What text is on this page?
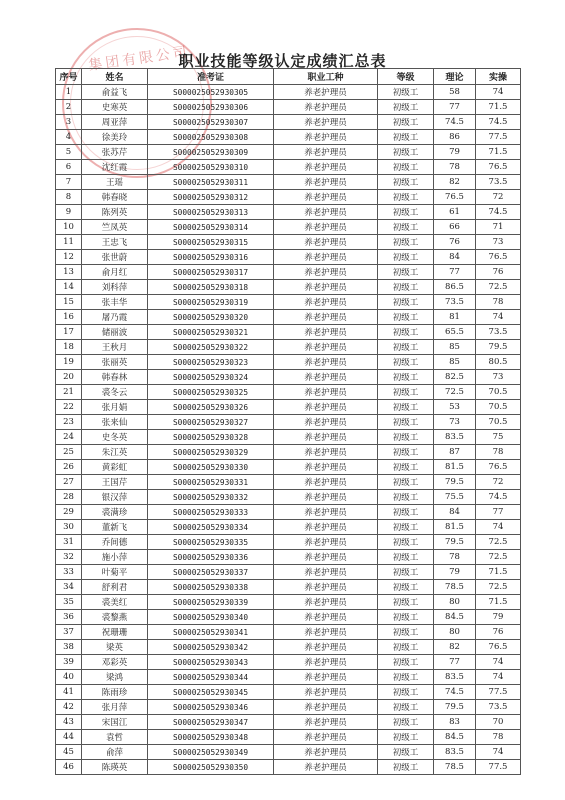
集团有限公司
职业技能等级认定成绩汇总表
序号	姓名	准考证	职业工种	等级	理论	实操
1	俞益飞	S000025052930305	养老护理员	初级工	58	74
2	史寒英	S000025052930306	养老护理员	初级工	77	71.5
3	周亚萍	S000025052930307	养老护理员	初级工	74.5	74.5
4	徐美玲	S000025052930308	养老护理员	初级工	86	77.5
5	张苏芹	S000025052930309	养老护理员	初级工	79	71.5
6	沈红霞	S000025052930310	养老护理员	初级工	78	76.5
7	王瑶	S000025052930311	养老护理员	初级工	82	73.5
8	韩春晓	S000025052930312	养老护理员	初级工	76.5	72
9	陈列英	S000025052930313	养老护理员	初级工	61	74.5
10	竺凤英	S000025052930314	养老护理员	初级工	66	71
11	王忠飞	S000025052930315	养老护理员	初级工	76	73
12	张世蔚	S000025052930316	养老护理员	初级工	84	76.5
13	俞月红	S000025052930317	养老护理员	初级工	77	76
14	刘科萍	S000025052930318	养老护理员	初级工	86.5	72.5
15	张丰华	S000025052930319	养老护理员	初级工	73.5	78
16	屠乃霞	S000025052930320	养老护理员	初级工	81	74
17	储丽波	S000025052930321	养老护理员	初级工	65.5	73.5
18	王秋月	S000025052930322	养老护理员	初级工	85	79.5
19	张丽英	S000025052930323	养老护理员	初级工	85	80.5
20	韩春林	S000025052930324	养老护理员	初级工	82.5	73
21	裘冬云	S000025052930325	养老护理员	初级工	72.5	70.5
22	张月娟	S000025052930326	养老护理员	初级工	53	70.5
23	张来仙	S000025052930327	养老护理员	初级工	73	70.5
24	史冬英	S000025052930328	养老护理员	初级工	83.5	75
25	朱江英	S000025052930329	养老护理员	初级工	87	78
26	黄彩虹	S000025052930330	养老护理员	初级工	81.5	76.5
27	王国芹	S000025052930331	养老护理员	初级工	79.5	72
28	银汉萍	S000025052930332	养老护理员	初级工	75.5	74.5
29	裘满珍	S000025052930333	养老护理员	初级工	84	77
30	董新飞	S000025052930334	养老护理员	初级工	81.5	74
31	乔间德	S000025052930335	养老护理员	初级工	79.5	72.5
32	施小萍	S000025052930336	养老护理员	初级工	78	72.5
33	叶菊平	S000025052930337	养老护理员	初级工	79	71.5
34	舒利君	S000025052930338	养老护理员	初级工	78.5	72.5
35	裘美红	S000025052930339	养老护理员	初级工	80	71.5
36	裘黎燕	S000025052930340	养老护理员	初级工	84.5	79
37	祝珊珊	S000025052930341	养老护理员	初级工	80	76
38	梁英	S000025052930342	养老护理员	初级工	82	76.5
39	邓彩英	S000025052930343	养老护理员	初级工	77	74
40	梁鸿	S000025052930344	养老护理员	初级工	83.5	74
41	陈雨珍	S000025052930345	养老护理员	初级工	74.5	77.5
42	张月萍	S000025052930346	养老护理员	初级工	79.5	73.5
43	宋国江	S000025052930347	养老护理员	初级工	83	70
44	袁哲	S000025052930348	养老护理员	初级工	84.5	78
45	俞萍	S000025052930349	养老护理员	初级工	83.5	74
46	陈瑛英	S000025052930350	养老护理员	初级工	78.5	77.5
